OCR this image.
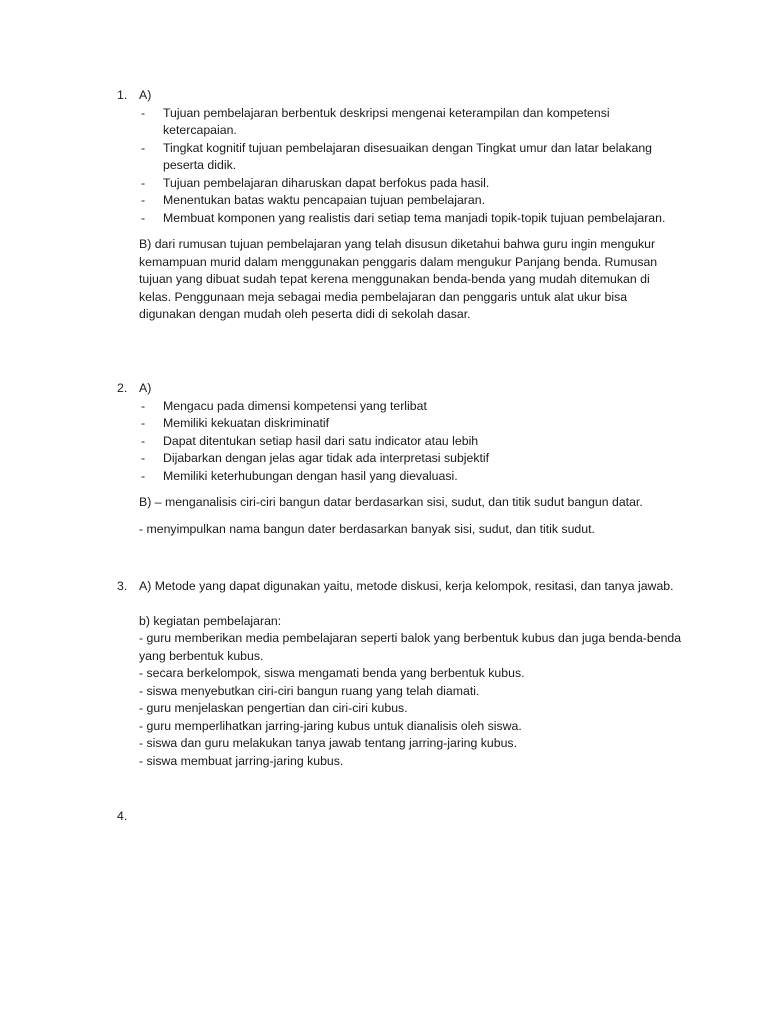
1. A)
- Tujuan pembelajaran berbentuk deskripsi mengenai keterampilan dan kompetensi ketercapaian.
- Tingkat kognitif tujuan pembelajaran disesuaikan dengan Tingkat umur dan latar belakang peserta didik.
- Tujuan pembelajaran diharuskan dapat berfokus pada hasil.
- Menentukan batas waktu pencapaian tujuan pembelajaran.
- Membuat komponen yang realistis dari setiap tema manjadi topik-topik tujuan pembelajaran.

B) dari rumusan tujuan pembelajaran yang telah disusun diketahui bahwa guru ingin mengukur kemampuan murid dalam menggunakan penggaris dalam mengukur Panjang benda. Rumusan tujuan yang dibuat sudah tepat kerena menggunakan benda-benda yang mudah ditemukan di kelas. Penggunaan meja sebagai media pembelajaran dan penggaris untuk alat ukur bisa digunakan dengan mudah oleh peserta didi di sekolah dasar.

2. A)
- Mengacu pada dimensi kompetensi yang terlibat
- Memiliki kekuatan diskriminatif
- Dapat ditentukan setiap hasil dari satu indicator atau lebih
- Dijabarkan dengan jelas agar tidak ada interpretasi subjektif
- Memiliki keterhubungan dengan hasil yang dievaluasi.
B) – menganalisis ciri-ciri bangun datar berdasarkan sisi, sudut, dan titik sudut bangun datar.
- menyimpulkan nama bangun dater berdasarkan banyak sisi, sudut, dan titik sudut.
3. A) Metode yang dapat digunakan yaitu, metode diskusi, kerja kelompok, resitasi, dan tanya jawab.

b) kegiatan pembelajaran:
- guru memberikan media pembelajaran seperti balok yang berbentuk kubus dan juga benda-benda yang berbentuk kubus.
- secara berkelompok, siswa mengamati benda yang berbentuk kubus.
- siswa menyebutkan ciri-ciri bangun ruang yang telah diamati.
- guru menjelaskan pengertian dan ciri-ciri kubus.
- guru memperlihatkan jarring-jaring kubus untuk dianalisis oleh siswa.
- siswa dan guru melakukan tanya jawab tentang jarring-jaring kubus.
- siswa membuat jarring-jaring kubus.
4.
